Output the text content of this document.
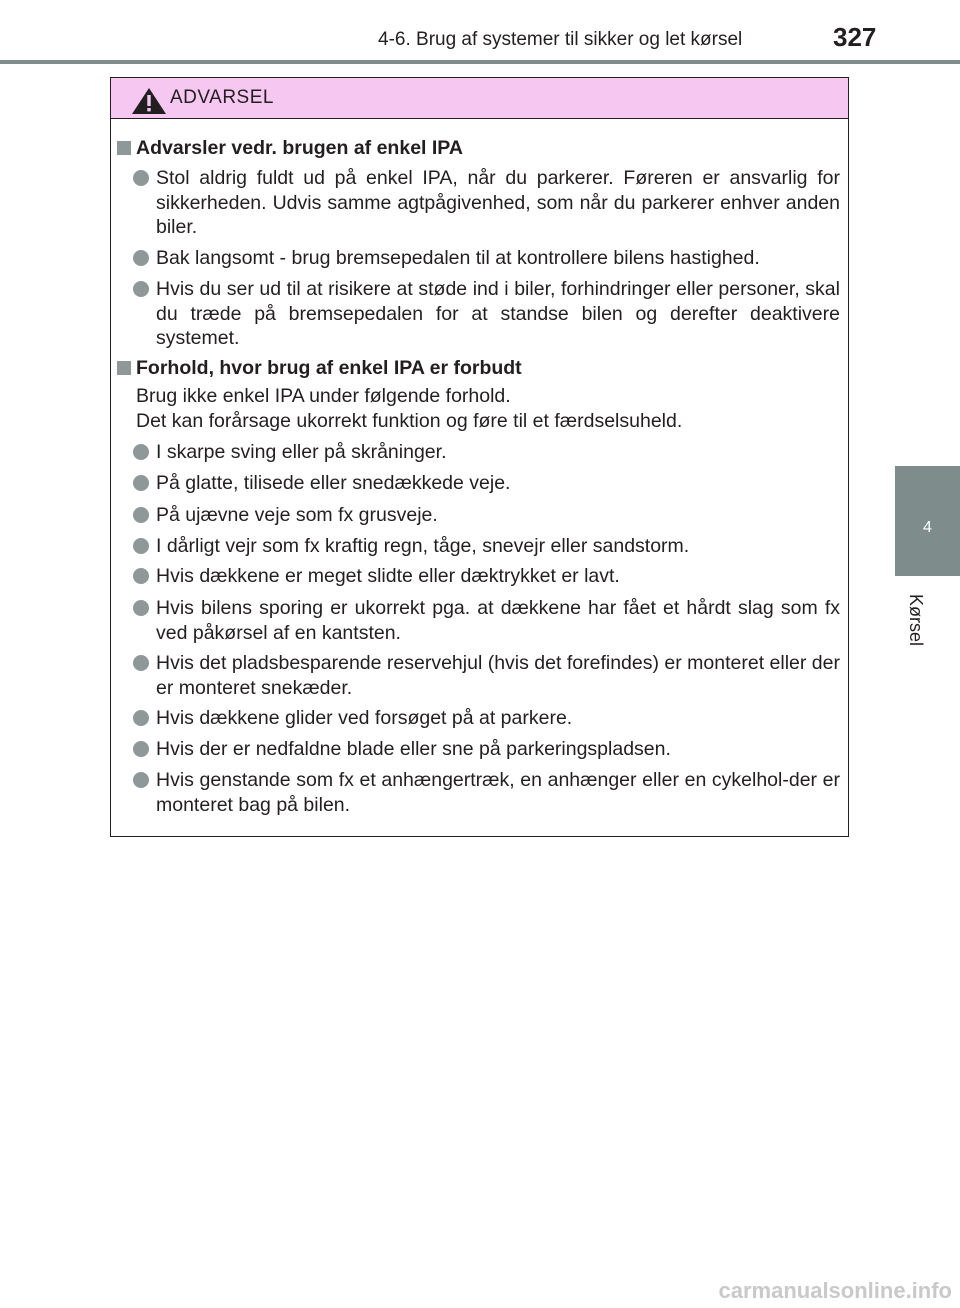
4-6. Brug af systemer til sikker og let kørsel	327
4
Kørsel
ADVARSEL
Advarsler vedr. brugen af enkel IPA
Stol aldrig fuldt ud på enkel IPA, når du parkerer. Føreren er ansvarlig for sikkerheden. Udvis samme agtpågivenhed, som når du parkerer enhver anden biler.
Bak langsomt - brug bremsepedalen til at kontrollere bilens hastighed.
Hvis du ser ud til at risikere at støde ind i biler, forhindringer eller personer, skal du træde på bremsepedalen for at standse bilen og derefter deaktivere systemet.
Forhold, hvor brug af enkel IPA er forbudt
Brug ikke enkel IPA under følgende forhold.
Det kan forårsage ukorrekt funktion og føre til et færdselsuheld.
I skarpe sving eller på skråninger.
På glatte, tilisede eller snedækkede veje.
På ujævne veje som fx grusveje.
I dårligt vejr som fx kraftig regn, tåge, snevejr eller sandstorm.
Hvis dækkene er meget slidte eller dæktrykket er lavt.
Hvis bilens sporing er ukorrekt pga. at dækkene har fået et hårdt slag som fx ved påkørsel af en kantsten.
Hvis det pladsbesparende reservehjul (hvis det forefindes) er monteret eller der er monteret snekæder.
Hvis dækkene glider ved forsøget på at parkere.
Hvis der er nedfaldne blade eller sne på parkeringspladsen.
Hvis genstande som fx et anhængertræk, en anhænger eller en cykelhol-der er monteret bag på bilen.
carmanualsonline.info
